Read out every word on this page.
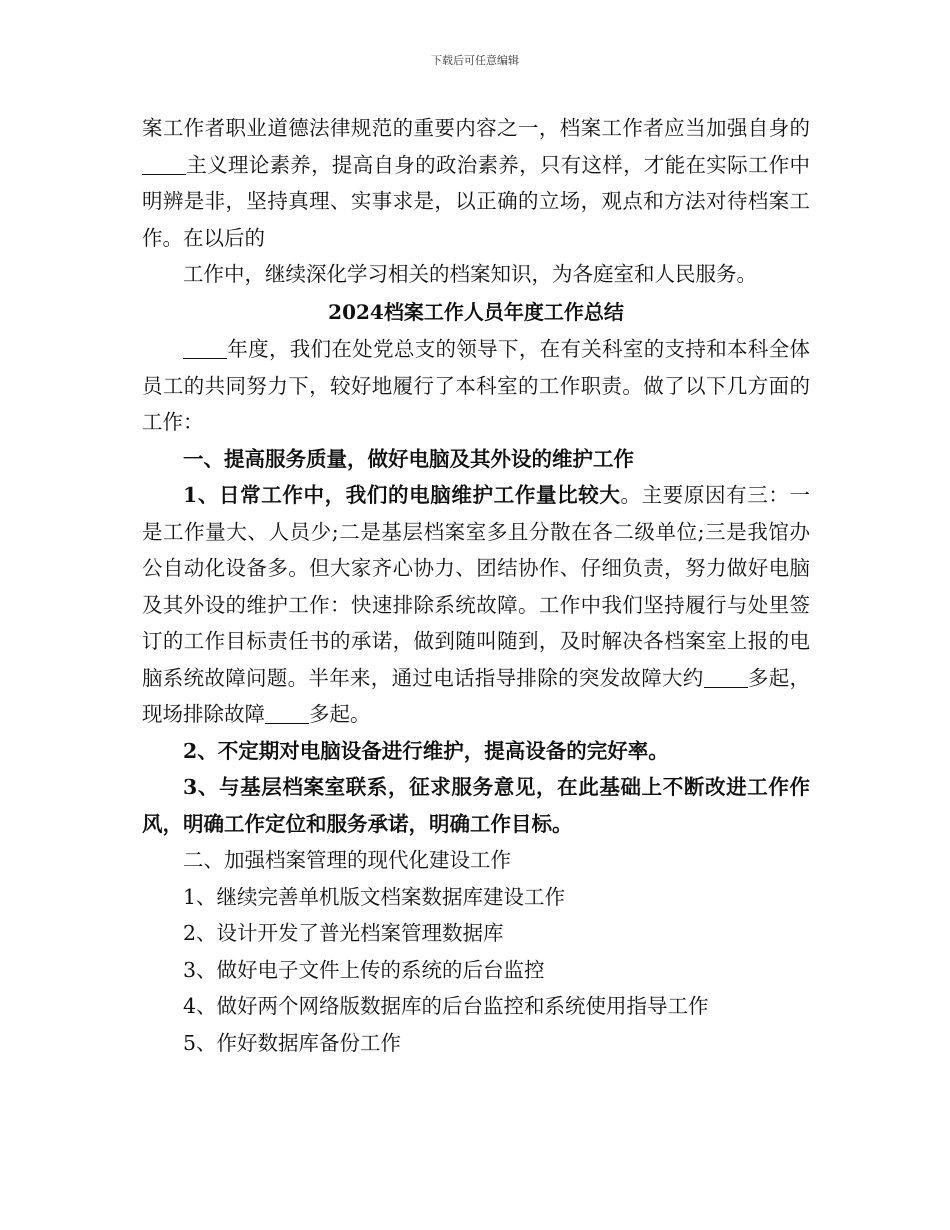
下载后可任意编辑

案工作者职业道德法律规范的重要内容之一，档案工作者应当加强自身的主义理论素养，提高自身的政治素养，只有这样，才能在实际工作中明辨是非，坚持真理、实事求是，以正确的立场，观点和方法对待档案工作。在以后的

工作中，继续深化学习相关的档案知识，为各庭室和人民服务。

2024档案工作人员年度工作总结

年度，我们在处党总支的领导下，在有关科室的支持和本科全体员工的共同努力下，较好地履行了本科室的工作职责。做了以下几方面的工作：

一、提高服务质量，做好电脑及其外设的维护工作

1、日常工作中，我们的电脑维护工作量比较大。主要原因有三：一是工作量大、人员少;二是基层档案室多且分散在各二级单位;三是我馆办公自动化设备多。但大家齐心协力、团结协作、仔细负责，努力做好电脑及其外设的维护工作：快速排除系统故障。工作中我们坚持履行与处里签订的工作目标责任书的承诺，做到随叫随到，及时解决各档案室上报的电脑系统故障问题。半年来，通过电话指导排除的突发故障大约 多起，现场排除故障 多起。

2、不定期对电脑设备进行维护，提高设备的完好率。

3、与基层档案室联系，征求服务意见，在此基础上不断改进工作作风，明确工作定位和服务承诺，明确工作目标。

二、加强档案管理的现代化建设工作

1、继续完善单机版文档案数据库建设工作

2、设计开发了普光档案管理数据库

3、做好电子文件上传的系统的后台监控

4、做好两个网络版数据库的后台监控和系统使用指导工作

5、作好数据库备份工作
